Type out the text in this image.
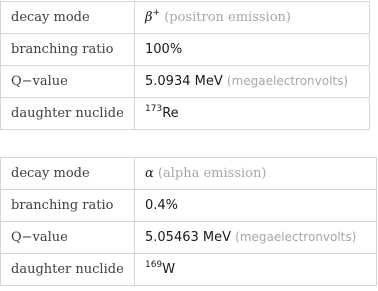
decay mode	β+ (positron emission)
branching ratio	100%
Q−value	5.0934 MeV (megaelectronvolts)
daughter nuclide	$^{173}$Re
decay mode	α (alpha emission)
branching ratio	0.4%
Q−value	5.05463 MeV (megaelectronvolts)
daughter nuclide	$^{169}$W
